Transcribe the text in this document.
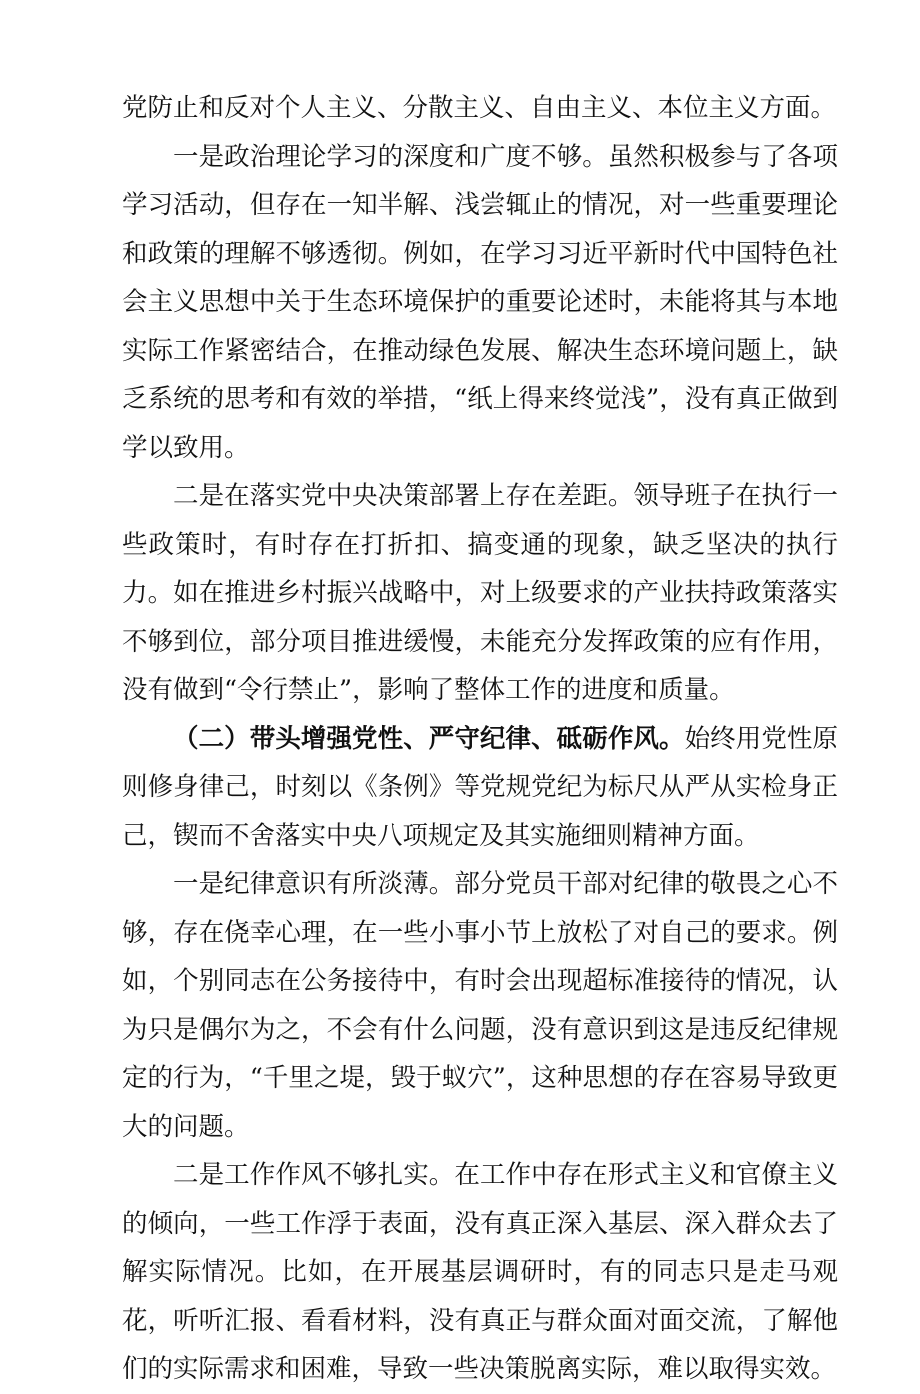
党防止和反对个人主义、分散主义、自由主义、本位主义方面。

一是政治理论学习的深度和广度不够。虽然积极参与了各项学习活动，但存在一知半解、浅尝辄止的情况，对一些重要理论和政策的理解不够透彻。例如，在学习习近平新时代中国特色社会主义思想中关于生态环境保护的重要论述时，未能将其与本地实际工作紧密结合，在推动绿色发展、解决生态环境问题上，缺乏系统的思考和有效的举措，“纸上得来终觉浅”，没有真正做到学以致用。

二是在落实党中央决策部署上存在差距。领导班子在执行一些政策时，有时存在打折扣、搞变通的现象，缺乏坚决的执行力。如在推进乡村振兴战略中，对上级要求的产业扶持政策落实不够到位，部分项目推进缓慢，未能充分发挥政策的应有作用，没有做到“令行禁止”，影响了整体工作的进度和质量。

（二）带头增强党性、严守纪律、砥砺作风。始终用党性原则修身律己，时刻以《条例》等党规党纪为标尺从严从实检身正己，锲而不舍落实中央八项规定及其实施细则精神方面。

一是纪律意识有所淡薄。部分党员干部对纪律的敬畏之心不够，存在侥幸心理，在一些小事小节上放松了对自己的要求。例如，个别同志在公务接待中，有时会出现超标准接待的情况，认为只是偶尔为之，不会有什么问题，没有意识到这是违反纪律规定的行为，“千里之堤，毁于蚁穴”，这种思想的存在容易导致更大的问题。

二是工作作风不够扎实。在工作中存在形式主义和官僚主义的倾向，一些工作浮于表面，没有真正深入基层、深入群众去了解实际情况。比如，在开展基层调研时，有的同志只是走马观花，听听汇报、看看材料，没有真正与群众面对面交流，了解他们的实际需求和困难，导致一些决策脱离实际，难以取得实效。
